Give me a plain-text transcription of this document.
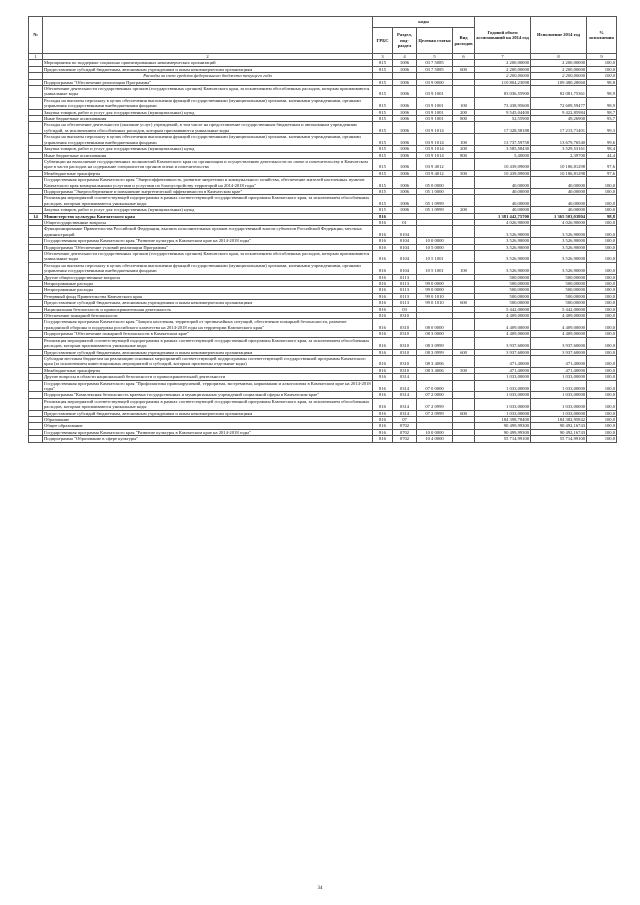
№		коды				Годовой объем ассигнований на 2014 год	Исполнение 2014 год	% исполнения
		ГРБС	Раздел, под- раздел	Целевая статья	Вид расходов			
1	2	3	4	5	6	7	8	9
	Мероприятия по поддержке социально ориентированных некоммерческих организаций	815	1006	03 7 5085		2 200,00000	2 200,00000	100,0
	Предоставление субсидий бюджетным, автономным учреждениям и иным некоммерческим организациям	815	1006	03 7 5085	600	2 200,00000	2 200,00000	100,0
	Расходы за счет средств федерального бюджета текущего года					2 200,00000	2 200,00000	100,0
	Подпрограмма "Обеспечение реализации Программы"	815	1006	03 9 0000		110 804,23098	109 480,28060	98,8
	Обеспечение деятельности государственных органов (государственных органов) Камчатского края, за исключением обособленных расходов, которым присваиваются уникальные коды	815	1006	03 9 1001		83 036,55900	82 081,75361	98,9
	Расходы на выплаты персоналу в целях обеспечения выполнения функций государственными (муниципальными) органами, казенными учреждениями, органами управления государственными внебюджетными фондами	815	1006	03 9 1001	100	73 438,95600	72 609,59477	98,9
	Закупка товаров, работ и услуг для государственных (муниципальных) нужд	815	1006	03 9 1001	200	9 545,04400	9 422,85984	98,7
	Иные бюджетные ассигнования	815	1006	03 9 1001	800	52,55900	49,26900	93,7
	Расходы на обеспечение деятельности (оказание услуг) учреждений, в том числе на предоставление государственным бюджетным и автономным учреждениям субсидий, за исключением обособленных расходов, которым присваиваются уникальные коды	815	1006	03 9 1014		17 328,58188	17 213,71401	99,3
	Расходы на выплаты персоналу в целях обеспечения выполнения функций государственными (муниципальными) органами, казенными учреждениями, органами управления государственными внебюджетными фондами	815	1006	03 9 1014	100	13 737,59758	13 679,76540	99,6
	Закупка товаров, работ и услуг для государственных (муниципальных) нужд	815	1006	03 9 1014	200	3 585,58430	3 529,53161	98,4
	Иные бюджетные ассигнования	815	1006	03 9 1014	800	5,40000	2,39700	44,4
	Субвенции на выполнение государственных полномочий Камчатского края по организации и осуществлению деятельности по опеке и попечительству в Камчатском крае в части расходов на содержание специалистов органов опеки и попечительства	815	1006	03 9 4012		10 439,09000	10 186,81298	97,6
	Межбюджетные трансферты	815	1006	03 9 4012	500	10 439,09000	10 186,81298	97,6
	Государственная программа Камчатского края "Энергоэффективность, развитие энергетики и коммунального хозяйства, обеспечение жителей населенных пунктов Камчатского края коммунальными услугами и услугами по благоустройству территорий на 2014-2018 годы"	815	1006	05 0 0000		40,00000	40,00000	100,0
	Подпрограмма "Энергосбережение и повышение энергетической эффективности в Камчатском крае"	815	1006	05 1 0000		40,00000	40,00000	100,0
	Реализация мероприятий соответствующей подпрограммы в рамках соответствующей государственной программы Камчатского края, за исключением обособленных расходов, которым присваиваются уникальные коды	815	1006	05 1 0999		40,00000	40,00000	100,0
	Закупка товаров, работ и услуг для государственных (муниципальных) нужд	815	1006	05 1 0999	200	40,00000	40,00000	100,0
14	Министерство культуры Камчатского края	816				1 381 442,75700	1 365 503,03804	98,8
	Общегосударственные вопросы	816	01			4 026,90000	4 026,90000	100,0
	Функционирование Правительства Российской Федерации, высших исполнительных органов государственной власти субъектов Российской Федерации, местных администраций	816	0104			3 526,90000	3 526,90000	100,0
	Государственная программа Камчатского края "Развитие культуры в Камчатском крае на 2014-2018 годы"	816	0104	10 0 0000		3 526,90000	3 526,90000	100,0
	Подпрограмма "Обеспечение условий реализации Программы"	816	0104	10 5 0000		3 526,90000	3 526,90000	100,0
	Обеспечение деятельности государственных органов (государственных органов) Камчатского края, за исключением обособленных расходов, которым присваиваются уникальные коды	816	0104	10 5 1001		3 526,90000	3 526,90000	100,0
	Расходы на выплаты персоналу в целях обеспечения выполнения функций государственными (муниципальными) органами, казенными учреждениями, органами управления государственными внебюджетными фондами	816	0104	10 5 1001	100	3 526,90000	3 526,90000	100,0
	Другие общегосударственные вопросы	816	0113			500,00000	500,00000	100,0
	Непрограммные расходы	816	0113	99 0 0000		500,00000	500,00000	100,0
	Непрограммные расходы	816	0113	99 0 0000		500,00000	500,00000	100,0
	Резервный фонд Правительства Камчатского края	816	0113	99 0 1010		500,00000	500,00000	100,0
	Предоставление субсидий бюджетным, автономным учреждениям и иным некоммерческим организациям	816	0113	99 0 1010	600	500,00000	500,00000	100,0
	Национальная безопасность и правоохранительная деятельность	816	03			5 442,00000	5 442,00000	100,0
	Обеспечение пожарной безопасности	816	0310			4 409,00000	4 409,00000	100,0
	Государственная программа Камчатского края "Защита населения, территорий от чрезвычайных ситуаций, обеспечение пожарной безопасности, развитие гражданской обороны и поддержка российского казачества на 2014-2018 годы на территории Камчатского края"	816	0310	08 0 0000		4 409,00000	4 409,00000	100,0
	Подпрограмма "Обеспечение пожарной безопасности в Камчатском крае"	816	0310	08 3 0000		4 409,00000	4 409,00000	100,0
	Реализация мероприятий соответствующей подпрограммы в рамках соответствующей государственной программы Камчатского края, за исключением обособленных расходов, которым присваиваются уникальные коды	816	0310	08 3 0999		3 937,60000	3 937,60000	100,0
	Предоставление субсидий бюджетным, автономным учреждениям и иным некоммерческим организациям	816	0310	08 3 0999	600	3 937,60000	3 937,60000	100,0
	Субсидии местным бюджетам на реализацию основных мероприятий соответствующей подпрограммы соответствующей государственной программы Камчатского края (за исключением инвестиционных мероприятий и субсидий, которым присвоены отдельные коды)	816	0310	08 3 4006		471,40000	471,40000	100,0
	Межбюджетные трансферты	816	0310	08 3 4006	500	471,40000	471,40000	100,0
	Другие вопросы в области национальной безопасности и правоохранительной деятельности	816	0314			1 033,00000	1 033,00000	100,0
	Государственная программа Камчатского края "Профилактика правонарушений, терроризма, экстремизма, наркомании и алкоголизма в Камчатском крае на 2014-2018 годы"	816	0314	07 0 0000		1 033,00000	1 033,00000	100,0
	Подпрограмма "Комплексная безопасность краевых государственных и муниципальных учреждений социальной сферы в Камчатском крае"	816	0314	07 2 0000		1 033,00000	1 033,00000	100,0
	Реализация мероприятий соответствующей подпрограммы в рамках соответствующей государственной программы Камчатского края, за исключением обособленных расходов, которым присваиваются уникальные коды	816	0314	07 2 0999		1 033,00000	1 033,00000	100,0
	Предоставление субсидий бюджетным, автономным учреждениям и иным некоммерческим организациям	816	0314	07 2 0999	600	1 033,00000	1 033,00000	100,0
	Образование	816	07			184 398,78400	184 382,95842	100,0
	Общее образование	816	0702			90 499,99300	90 492,16743	100,0
	Государственная программа Камчатского края "Развитие культуры в Камчатском крае на 2014-2018 годы"	816	0702	10 0 0000		90 499,99300	90 492,16743	100,0
	Подпрограмма "Образование в сфере культуры"	816	0702	10 4 0000		55 714,99100	55 714,99100	100,0
34
